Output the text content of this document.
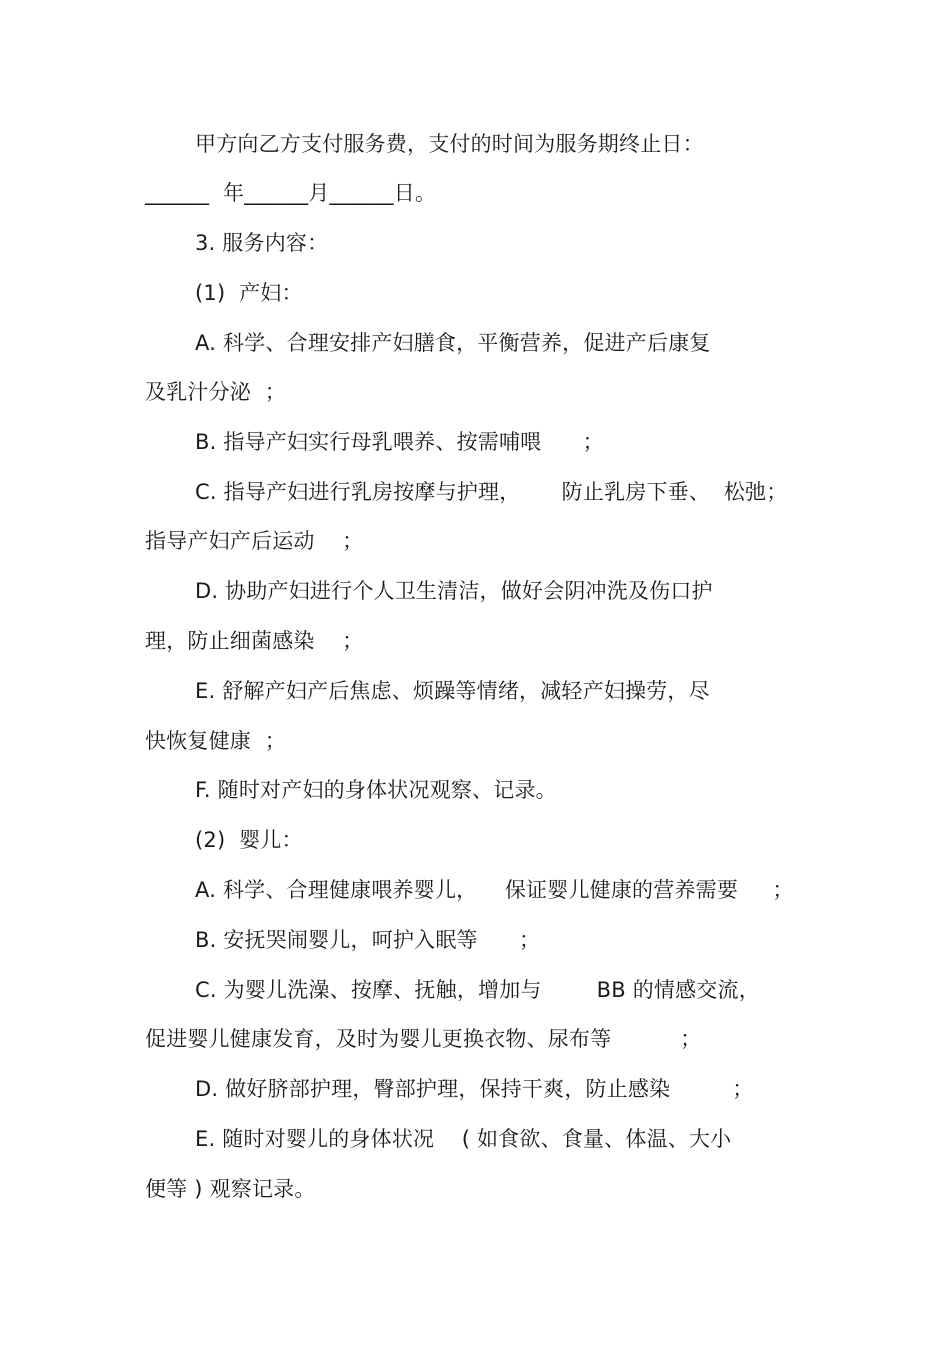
甲方向乙方支付服务费，支付的时间为服务期终止日：
______  年______月______日。
3. 服务内容：
(1)  产妇：
A. 科学、合理安排产妇膳食，平衡营养，促进产后康复
及乳汁分泌  ；
B. 指导产妇实行母乳喂养、按需哺喂      ；
C. 指导产妇进行乳房按摩与护理，      防止乳房下垂、  松弛；
指导产妇产后运动    ；
D. 协助产妇进行个人卫生清洁，做好会阴冲洗及伤口护
理，防止细菌感染    ；
E. 舒解产妇产后焦虑、烦躁等情绪，减轻产妇操劳，尽
快恢复健康  ；
F. 随时对产妇的身体状况观察、记录。
(2)  婴儿：
A. 科学、合理健康喂养婴儿，    保证婴儿健康的营养需要     ；
B. 安抚哭闹婴儿，呵护入眠等      ；
C. 为婴儿洗澡、按摩、抚触，增加与        BB 的情感交流，
促进婴儿健康发育，及时为婴儿更换衣物、尿布等          ；
D. 做好脐部护理，臀部护理，保持干爽，防止感染         ；
E. 随时对婴儿的身体状况    ( 如食欲、食量、体温、大小
便等 ) 观察记录。
